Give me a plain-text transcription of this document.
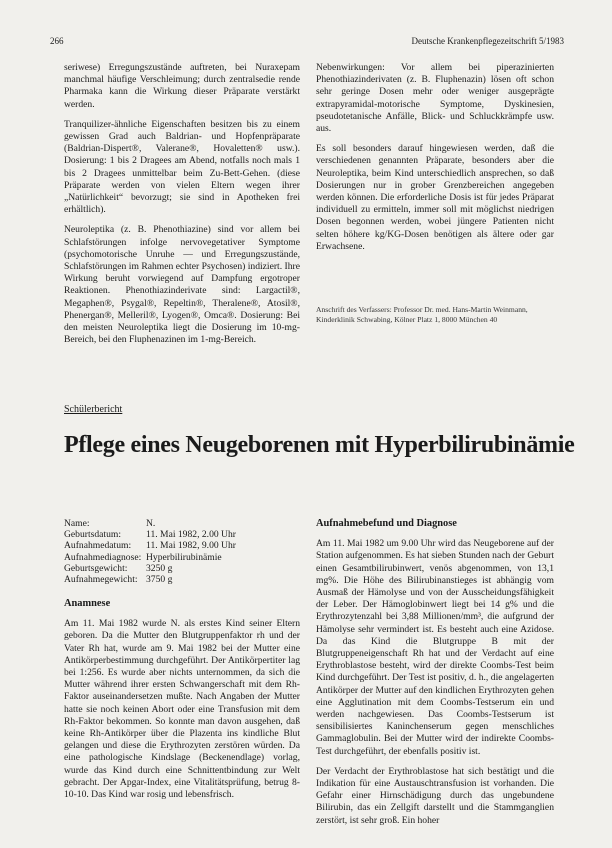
266	Deutsche Krankenpflegezeitschrift 5/1983

seriwese) Erregungszustände auftreten, bei Nuraxepam manchmal häufige Verschleimung; durch zentralsedie rende Pharmaka kann die Wirkung dieser Präparate verstärkt werden.

Tranquilizer-ähnliche Eigenschaften besitzen bis zu einem gewissen Grad auch Baldrian- und Hopfenpräparate (Baldrian-Dispert®, Valerane®, Hovaletten® usw.). Dosierung: 1 bis 2 Dragees am Abend, notfalls noch mals 1 bis 2 Dragees unmittelbar beim Zu-Bett-Gehen. (diese Präparate werden von vielen Eltern wegen ihrer „Natürlichkeit“ bevorzugt; sie sind in Apotheken frei erhältlich).

Neuroleptika (z. B. Phenothiazine) sind vor allem bei Schlafstörungen infolge nervovegetativer Symptome (psychomotorische Unruhe — und Erregungszustände, Schlafstörungen im Rahmen echter Psychosen) indiziert. Ihre Wirkung beruht vorwiegend auf Dampfung ergotroper Reaktionen. Phenothiazinderivate sind: Largactil®, Megaphen®, Psygal®, Repeltin®, Theralene®, Atosil®, Phenergan®, Melleril®, Lyogen®, Omca®. Dosierung: Bei den meisten Neuroleptika liegt die Dosierung im 10-mg-Bereich, bei den Fluphenazinen im 1-mg-Bereich.

Nebenwirkungen: Vor allem bei piperazinierten Phenothiazinderivaten (z. B. Fluphenazin) lösen oft schon sehr geringe Dosen mehr oder weniger ausgeprägte extrapyramidal-motorische Symptome, Dyskinesien, pseudotetanische Anfälle, Blick- und Schluckkrämpfe usw. aus.

Es soll besonders darauf hingewiesen werden, daß die verschiedenen genannten Präparate, besonders aber die Neuroleptika, beim Kind unterschiedlich ansprechen, so daß Dosierungen nur in grober Grenzbereichen angegeben werden können. Die erforderliche Dosis ist für jedes Präparat individuell zu ermitteln, immer soll mit möglichst niedrigen Dosen begonnen werden, wobei jüngere Patienten nicht selten höhere kg/KG-Dosen benötigen als ältere oder gar Erwachsene.

Anschrift des Verfassers: Professor Dr. med. Hans-Martin Weinmann, Kinderklinik Schwabing, Kölner Platz 1, 8000 München 40
Schülerbericht
Pflege eines Neugeborenen mit Hyperbilirubinämie
Name:	N.
Geburtsdatum:	11. Mai 1982, 2.00 Uhr
Aufnahmedatum:	11. Mai 1982, 9.00 Uhr
Aufnahmediagnose:	Hyperbilirubinämie
Geburtsgewicht:	3250 g
Aufnahmegewicht:	3750 g
Anamnese

Am 11. Mai 1982 wurde N. als erstes Kind seiner Eltern geboren. Da die Mutter den Blutgruppenfaktor rh und der Vater Rh hat, wurde am 9. Mai 1982 bei der Mutter eine Antikörperbestimmung durchgeführt. Der Antikörpertiter lag bei 1:256. Es wurde aber nichts unternommen, da sich die Mutter während ihrer ersten Schwangerschaft mit dem Rh-Faktor auseinandersetzen mußte. Nach Angaben der Mutter hatte sie noch keinen Abort oder eine Transfusion mit dem Rh-Faktor bekommen. So konnte man davon ausgehen, daß keine Rh-Antikörper über die Plazenta ins kindliche Blut gelangen und diese die Erythrozyten zerstören würden. Da eine pathologische Kindslage (Beckenendlage) vorlag, wurde das Kind durch eine Schnittentbindung zur Welt gebracht. Der Apgar-Index, eine Vitalitätsprüfung, betrug 8-10-10. Das Kind war rosig und lebensfrisch.

Aufnahmebefund und Diagnose

Am 11. Mai 1982 um 9.00 Uhr wird das Neugeborene auf der Station aufgenommen. Es hat sieben Stunden nach der Geburt einen Gesamtbilirubinwert, venös abgenommen, von 13,1 mg%. Die Höhe des Bilirubinanstieges ist abhängig vom Ausmaß der Hämolyse und von der Ausscheidungsfähigkeit der Leber. Der Hämoglobinwert liegt bei 14 g% und die Erythrozytenzahl bei 3,88 Millionen/mm³, die aufgrund der Hämolyse sehr vermindert ist. Es besteht auch eine Azidose. Da das Kind die Blutgruppe B mit der Blutgruppeneigenschaft Rh hat und der Verdacht auf eine Erythroblastose besteht, wird der direkte Coombs-Test beim Kind durchgeführt. Der Test ist positiv, d. h., die angelagerten Antikörper der Mutter auf den kindlichen Erythrozyten gehen eine Agglutination mit dem Coombs-Testserum ein und werden nachgewiesen. Das Coombs-Testserum ist sensibilisiertes Kaninchenserum gegen menschliches Gammaglobulin. Bei der Mutter wird der indirekte Coombs-Test durchgeführt, der ebenfalls positiv ist.

Der Verdacht der Erythroblastose hat sich bestätigt und die Indikation für eine Austauschtransfusion ist vorhanden. Die Gefahr einer Hirnschädigung durch das ungebundene Bilirubin, das ein Zellgift darstellt und die Stammganglien zerstört, ist sehr groß. Ein hoher
